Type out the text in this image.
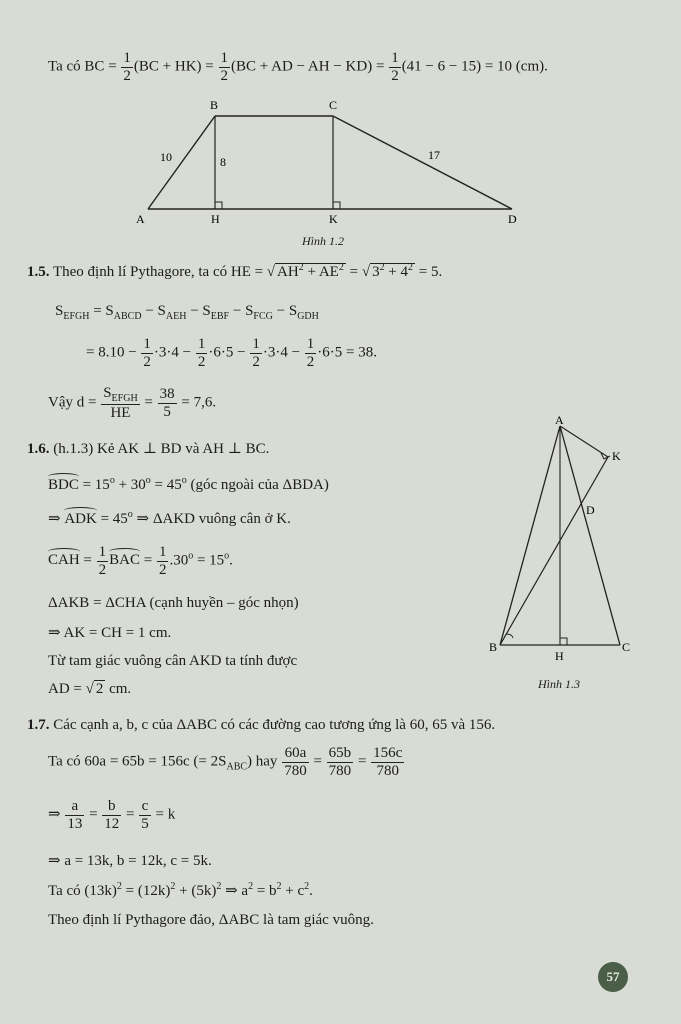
Ta có BC = $\frac{1}{2} (BC + HK) = \frac{1}{2} (BC$ + AD − AH − $KD) = \frac{1}{2} (41 - 6 - 15) = 10$ (cm).
A
B	C
D
H	K
10	8	17
Hình 1.2
1.5. Theo định lí Pythagore, ta có HE = √ $AH^2 + AE^2$ = √ $3^2 + 4^2 = 5$.
$S_{EFGH} = S_{ABCD} - S_{AEH} - S_{EBF} - S_{FCG} - S_{GDH}$
= $8.10 - \frac{1}{2} \cdot 3\cdot 4 - \frac{1}{2} \cdot 6\cdot 5 - \frac{1}{2} \cdot 3\cdot 4 - \frac{1}{2} \cdot 6\cdot 5 = 38$.
Vậy $d = \frac{S_{EFGH}}{HE} = \frac{38}{5} = 7,6$.
1.6. (h.1.3) Kẻ AK ⊥ BD và AH ⊥ BC.
BDC = $15^o + 30^o = 45^o$ (góc ngoài của ΔBDA)
⇒ ADK = $45^o$ ⇒ ΔAKD vuông cân ở K.
CAH = $\frac{1}{2}$ BAC = $\frac{1}{2} .30^o = 15^o$.
ΔAKB = ΔCHA (cạnh huyền – góc nhọn)
⇒ AK = CH = 1 cm.
Từ tam giác vuông cân AKD ta tính được
AD = √ 2 cm.
A
K
D
B
H
C
Hình 1.3
1.7. Các cạnh a, b, c của ΔABC có các đường cao tương ứng là 60, 65 và 156.
Ta có 60a = 65b = 156c (= $2S_{ABC}$) hay $\frac{60a}{780} = \frac{65b}{780} = \frac{156c}{780}$
⇒ $\frac{a}{13} = \frac{b}{12} = \frac{c}{5} = k$
⇒ a = 13k, b = 12k, c = 5k.
Ta có $(13k)^2 = (12k)^2 + (5k)^2$ ⇒ $a^2 = b^2 + c^2$.
Theo định lí Pythagore đảo, ΔABC là tam giác vuông.
57
